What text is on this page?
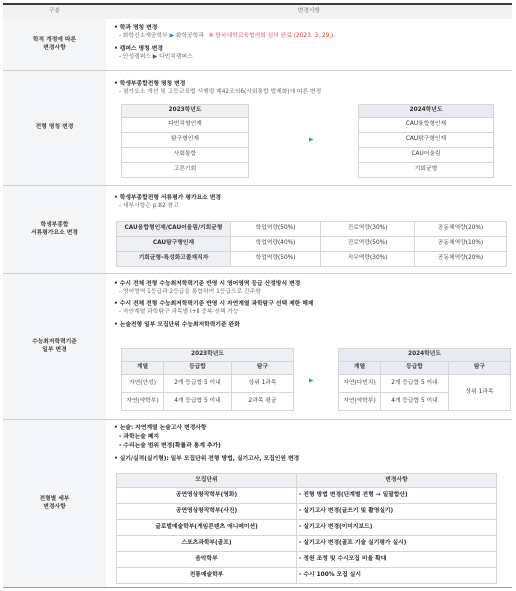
구분	변경사항
학적 개정에 따른
변경사항
• 학과 명칭 변경
- 화학신소재공학부 ▶ 화학공학과 ※ 한국대학교육협의회 심의 완료 (2023. 3. 29.)
• 캠퍼스 명칭 변경
- 안성캠퍼스 ▶ 다빈치캠퍼스
전형 명칭 변경
• 학생부종합전형 명칭 변경
- 평가요소 개선 및 고등교육법 시행령 제42조의6(사회통합 법제화)에 따른 변경
2023학년도
다빈치형인재
탐구형인재
사회통합
고른기회
▶
2024학년도
CAU융합형인재
CAU탐구형인재
CAU어울림
기회균형
학생부종합
서류평가요소 변경
• 학생부종합전형 서류평가 평가요소 변경
- 세부사항은 p.82 참고
CAU융합형인재/CAU어울림/기회균형	학업역량(50%)	진로역량(30%)	공동체역량(20%)
CAU탐구형인재	학업역량(40%)	진로역량(50%)	공동체역량(10%)
기회균형-특성화고졸재직자	학업역량(50%)	직무역량(30%)	공동체역량(20%)
수능최저학력기준
일부 변경
• 수시 전체 전형 수능최저학력기준 반영 시 영어영역 등급 산정방식 변경
- 영어영역 1등급과 2등급을 통합하여 1등급으로 간주함
• 수시 전체 전형 수능최저학력기준 반영 시 자연계열 과학탐구 선택 제한 해제
- 자연계열 과학탐구 과목별 Ⅰ+Ⅱ 중복 선택 가능
• 논술전형 일부 모집단위 수능최저학력기준 완화
2023학년도		
계열	등급합	탐구
자연(안성)	2개 등급합 5 이내	상위 1과목
자연(약학부)	4개 등급합 5 이내	2과목 평균
▶
2024학년도		
계열	등급합	탐구
자연(다빈치)	2개 등급합 5 이내	상위 1과목
자연(약학부)	4개 등급합 5 이내	
전형별 세부
변경사항
• 논술: 자연계열 논술고사 변경사항
- 과학논술 폐지
- 수리논술 범위 변경(확률과 통계 추가)
• 실기/실적(실기형): 일부 모집단위 전형 방법, 실기고사, 모집인원 변경
모집단위	변경사항
공연영상창작학부(영화)	- 전형 방법 변경(단계별 전형 → 일괄합산)
공연영상창작학부(사진)	- 실기고사 변경(글쓰기 및 촬영실기)
글로벌예술학부(게임콘텐츠 애니메이션)	- 실기고사 변경(이미지보드)
스포츠과학부(골프)	- 실기고사 변경(골프 기술 실기평가 실시)
음악학부	- 정원 조정 및 수시모집 비율 확대
전통예술학부	- 수시 100% 모집 실시
